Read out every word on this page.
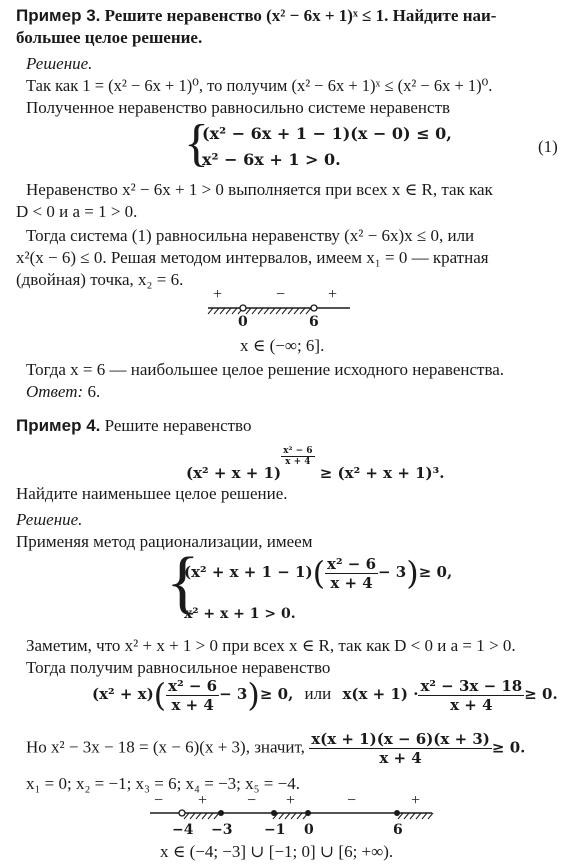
Пример 3. Решите неравенство (x² − 6x + 1)ˣ ≤ 1. Найдите наи-
большее целое решение.
Решение.
Так как 1 = (x² − 6x + 1)⁰, то получим (x² − 6x + 1)ˣ ≤ (x² − 6x + 1)⁰.
Полученное неравенство равносильно системе неравенств
{
(x² − 6x + 1 − 1)(x − 0) ≤ 0,
x² − 6x + 1 > 0.
(1)
Неравенство x² − 6x + 1 > 0 выполняется при всех x ∈ R, так как
D < 0 и a = 1 > 0.
Тогда система (1) равносильна неравенству (x² − 6x)x ≤ 0, или
x²(x − 6) ≤ 0. Решая методом интервалов, имеем x₁ = 0 — кратная
(двойная) точка, x₂ = 6.
+	−	+
0	6
x ∈ (−∞; 6].
Тогда x = 6 — наибольшее целое решение исходного неравенства.
Ответ: 6.
Пример 4. Решите неравенство
(x² + x + 1)
$\frac{\text{x² − 6}}{x + 4}$
≥ (x² + x + 1)³.
Найдите наименьшее целое решение.
Решение.
Применяя метод рационализации, имеем
{
$(x^2 + x + 1 - 1)( \frac{\text{x² − 6}}{x + 4} - 3)\ge 0$,
x² + x + 1 > 0.
Заметим, что x² + x + 1 > 0 при всех x ∈ R, так как D < 0 и a = 1 > 0.
Тогда получим равносильное неравенство
$(x^2 + x)( \frac{\text{x² − 6}}{x + 4} - 3)\ge 0$, или $x(x + 1) \cdot \frac{\text{x² − 3x − 18}}{x + 4} \ge 0$.
Но x² − 3x − 18 = (x − 6)(x + 3), значит, $\frac{x(x + 1)(x - 6)(x + 3)}{x + 4} \ge 0$.
x₁ = 0; x₂ = −1; x₃ = 6; x₄ = −3; x₅ = −4.
− + − +	−	+
−4 −3 −1 0	6
x ∈ (−4; −3] ∪ [−1; 0] ∪ [6; +∞).
